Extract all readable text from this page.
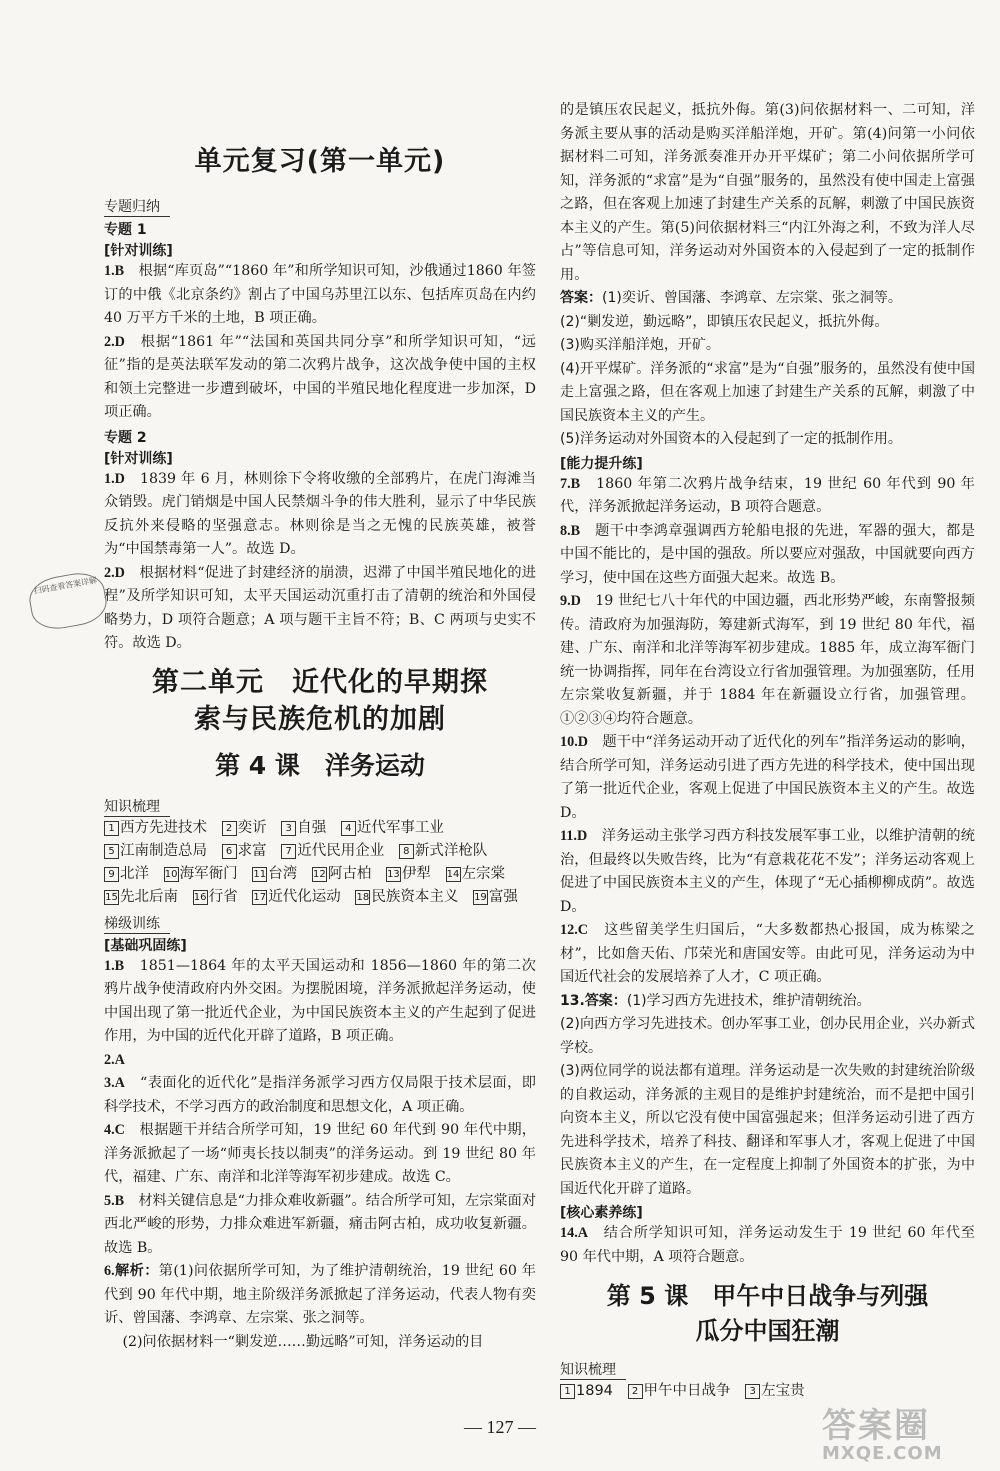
单元复习(第一单元)
专题归纳
专题 1
[针对训练]

1.B　 根据“库页岛”“1860 年”和所学知识可知，沙俄通过1860 年签订的中俄《北京条约》割占了中国乌苏里江以东、包括库页岛在内约 40 万平方千米的土地，B 项正确。

2.D　 根据“1861 年”“法国和英国共同分享”和所学知识可知，“远征”指的是英法联军发动的第二次鸦片战争，这次战争使中国的主权和领土完整进一步遭到破坏，中国的半殖民地化程度进一步加深，D 项正确。

专题 2
[针对训练]

1.D　 1839 年 6 月，林则徐下令将收缴的全部鸦片，在虎门海滩当众销毁。虎门销烟是中国人民禁烟斗争的伟大胜利，显示了中华民族反抗外来侵略的坚强意志。林则徐是当之无愧的民族英雄，被誉为“中国禁毒第一人”。故选 D。

2.D　 根据材料“促进了封建经济的崩溃，迟滞了中国半殖民地化的进程”及所学知识可知，太平天国运动沉重打击了清朝的统治和外国侵略势力，D 项符合题意；A 项与题干主旨不符；B、C 两项与史实不符。故选 D。

第二单元　近代化的早期探
索与民族危机的加剧
第 4 课　洋务运动
知识梳理
1 西方先进技术 2 奕䜣 3 自强 4 近代军事工业 5 江南制造总局 6 求富 7 近代民用企业 8 新式洋枪队 9 北洋 10 海军衙门 11 台湾 12 阿古柏 13 伊犁 14 左宗棠 15 先北后南 16 行省 17 近代化运动 18 民族资本主义 19 富强
梯级训练
[基础巩固练]

1.B　 1851—1864 年的太平天国运动和 1856—1860 年的第二次鸦片战争使清政府内外交困。为摆脱困境，洋务派掀起洋务运动，使中国出现了第一批近代企业，为中国民族资本主义的产生起到了促进作用，为中国的近代化开辟了道路，B 项正确。

2.A

3.A　 “表面化的近代化”是指洋务派学习西方仅局限于技术层面，即科学技术，不学习西方的政治制度和思想文化，A 项正确。

4.C　 根据题干并结合所学可知，19 世纪 60 年代到 90 年代中期，洋务派掀起了一场“师夷长技以制夷”的洋务运动。到 19 世纪 80 年代，福建、广东、南洋和北洋等海军初步建成。故选 C。

5.B　 材料关键信息是“力排众难收新疆”。结合所学可知，左宗棠面对西北严峻的形势，力排众难进军新疆，痛击阿古柏，成功收复新疆。故选 B。

6.解析：第(1)问依据所学可知，为了维护清朝统治，19 世纪 60 年代到 90 年代中期，地主阶级洋务派掀起了洋务运动，代表人物有奕䜣、曾国藩、李鸿章、左宗棠、张之洞等。

(2)问依据材料一“剿发逆……勤远略”可知，洋务运动的目

的是镇压农民起义，抵抗外侮。第(3)问依据材料一、二可知，洋务派主要从事的活动是购买洋船洋炮，开矿。第(4)问第一小问依据材料二可知，洋务派奏准开办开平煤矿；第二小问依据所学可知，洋务派的“求富”是为“自强”服务的，虽然没有使中国走上富强之路，但在客观上加速了封建生产关系的瓦解，刺激了中国民族资本主义的产生。第(5)问依据材料三“内江外海之利，不致为洋人尽占”等信息可知，洋务运动对外国资本的入侵起到了一定的抵制作用。

答案：(1)奕䜣、曾国藩、李鸿章、左宗棠、张之洞等。

(2)“剿发逆，勤远略”，即镇压农民起义，抵抗外侮。

(3)购买洋船洋炮，开矿。

(4)开平煤矿。洋务派的“求富”是为“自强”服务的，虽然没有使中国走上富强之路，但在客观上加速了封建生产关系的瓦解，刺激了中国民族资本主义的产生。

(5)洋务运动对外国资本的入侵起到了一定的抵制作用。

[能力提升练]

7.B　 1860 年第二次鸦片战争结束，19 世纪 60 年代到 90 年代，洋务派掀起洋务运动，B 项符合题意。

8.B　 题干中李鸿章强调西方轮船电报的先进，军器的强大，都是中国不能比的，是中国的强敌。所以要应对强敌，中国就要向西方学习，使中国在这些方面强大起来。故选 B。

9.D　 19 世纪七八十年代的中国边疆，西北形势严峻，东南警报频传。清政府为加强海防，筹建新式海军，到 19 世纪 80 年代，福建、广东、南洋和北洋等海军初步建成。1885 年，成立海军衙门统一协调指挥，同年在台湾设立行省加强管理。为加强塞防，任用左宗棠收复新疆，并于 1884 年在新疆设立行省，加强管理。①②③④均符合题意。

10.D　 题干中“洋务运动开动了近代化的列车”指洋务运动的影响，结合所学可知，洋务运动引进了西方先进的科学技术，使中国出现了第一批近代企业，客观上促进了中国民族资本主义的产生。故选 D。

11.D　 洋务运动主张学习西方科技发展军事工业，以维护清朝的统治，但最终以失败告终，比为“有意栽花花不发”；洋务运动客观上促进了中国民族资本主义的产生，体现了“无心插柳柳成荫”。故选 D。

12.C　 这些留美学生归国后，“大多数都热心报国，成为栋梁之材”，比如詹天佑、邝荣光和唐国安等。由此可见，洋务运动为中国近代社会的发展培养了人才，C 项正确。

13.答案：(1)学习西方先进技术，维护清朝统治。

(2)向西方学习先进技术。创办军事工业，创办民用企业，兴办新式学校。

(3)两位同学的说法都有道理。洋务运动是一次失败的封建统治阶级的自救运动，洋务派的主观目的是维护封建统治，而不是把中国引向资本主义，所以它没有使中国富强起来；但洋务运动引进了西方先进科学技术，培养了科技、翻译和军事人才，客观上促进了中国民族资本主义的产生，在一定程度上抑制了外国资本的扩张，为中国近代化开辟了道路。

[核心素养练]

14.A　 结合所学知识可知，洋务运动发生于 19 世纪 60 年代至 90 年代中期，A 项符合题意。

第 5 课　甲午中日战争与列强
瓜分中国狂潮
知识梳理
1 1894 2 甲午中日战争 3 左宝贵
扫码查看答案详解
— 127 —	答案圈
MXQE.COM
